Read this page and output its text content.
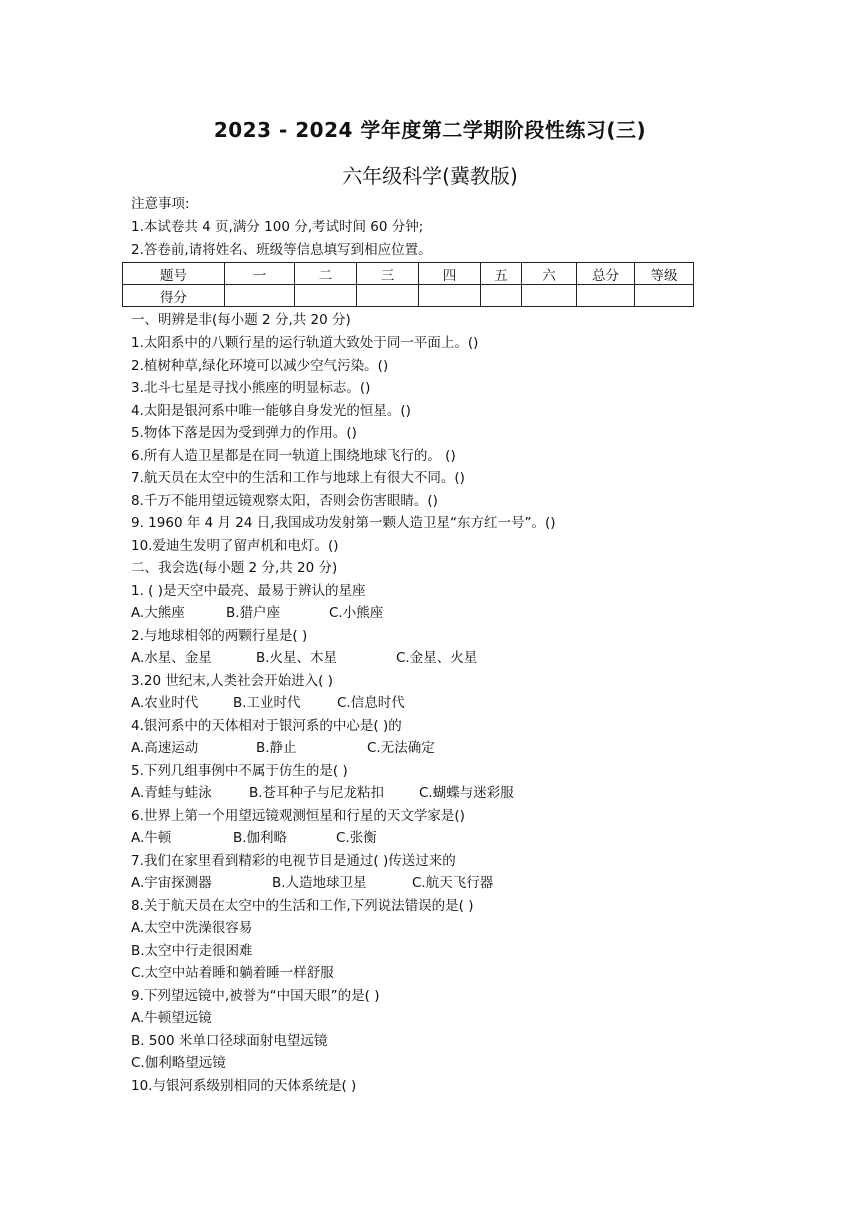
2023 - 2024 学年度第二学期阶段性练习(三)
六年级科学(冀教版)
注意事项:
1.本试卷共 4 页,满分 100 分,考试时间 60 分钟;
2.答卷前,请将姓名、班级等信息填写到相应位置。
题号	一	二	三	四	五	六	总分	等级
得分								
一、明辨是非(每小题 2 分,共 20 分)
1.太阳系中的八颗行星的运行轨道大致处于同一平面上。()
2.植树种草,绿化环境可以减少空气污染。()
3.北斗七星是寻找小熊座的明显标志。()
4.太阳是银河系中唯一能够自身发光的恒星。()
5.物体下落是因为受到弹力的作用。()
6.所有人造卫星都是在同一轨道上围绕地球飞行的。 ()
7.航天员在太空中的生活和工作与地球上有很大不同。()
8.千万不能用望远镜观察太阳，否则会伤害眼睛。()
9. 1960 年 4 月 24 日,我国成功发射第一颗人造卫星“东方红一号”。()
10.爱迪生发明了留声机和电灯。()
二、我会选(每小题 2 分,共 20 分)
1. ( )是天空中最亮、最易于辨认的星座
A.大熊座	B.猎户座	C.小熊座
2.与地球相邻的两颗行星是( )
A.水星、金星	B.火星、木星	C.金星、火星
3.20 世纪末,人类社会开始进入( )
A.农业时代	B.工业时代	C.信息时代
4.银河系中的天体相对于银河系的中心是( )的
A.高速运动	B.静止	C.无法确定
5.下列几组事例中不属于仿生的是( )
A.青蛙与蛙泳	B.苍耳种子与尼龙粘扣	C.蝴蝶与迷彩服
6.世界上第一个用望远镜观测恒星和行星的天文学家是()
A.牛顿	B.伽利略	C.张衡
7.我们在家里看到精彩的电视节目是通过( )传送过来的
A.宇宙探测器	B.人造地球卫星	C.航天飞行器
8.关于航天员在太空中的生活和工作,下列说法错误的是( )
A.太空中洗澡很容易
B.太空中行走很困难
C.太空中站着睡和躺着睡一样舒服
9.下列望远镜中,被誉为“中国天眼”的是( )
A.牛顿望远镜
B. 500 米单口径球面射电望远镜
C.伽利略望远镜
10.与银河系级别相同的天体系统是( )
